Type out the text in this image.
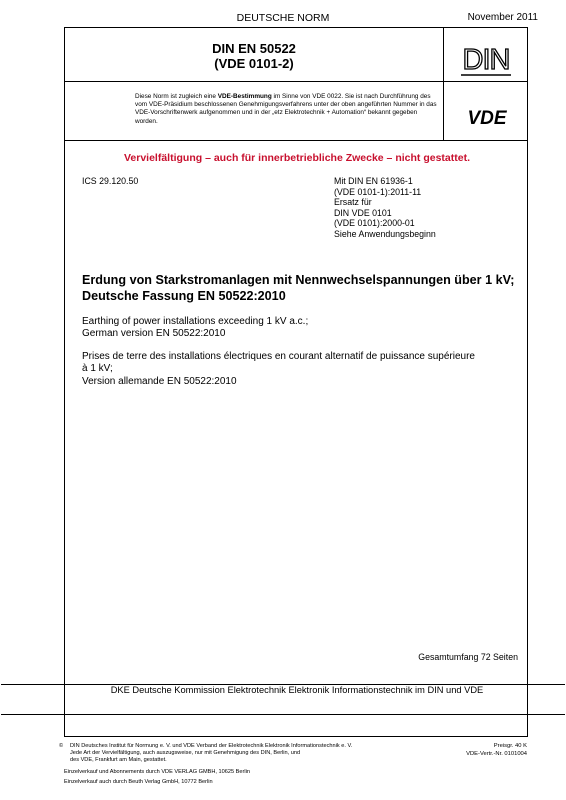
DEUTSCHE NORM	November 2011
DIN EN 50522
(VDE 0101-2)	DIN
VDE
Diese Norm ist zugleich eine VDE-Bestimmung im Sinne von VDE 0022. Sie ist nach Durchführung des vom VDE-Präsidium beschlossenen Genehmigungsverfahrens unter der oben angeführten Nummer in das VDE-Vorschriftenwerk aufgenommen und in der „etz Elektrotechnik + Automation“ bekannt gegeben worden.
Vervielfältigung – auch für innerbetriebliche Zwecke – nicht gestattet.
ICS 29.120.50	Mit DIN EN 61936-1
(VDE 0101-1):2011-11
Ersatz für
DIN VDE 0101
(VDE 0101):2000-01
Siehe Anwendungsbeginn
Erdung von Starkstromanlagen mit Nennwechselspannungen über 1 kV;
Deutsche Fassung EN 50522:2010
Earthing of power installations exceeding 1 kV a.c.;
German version EN 50522:2010
Prises de terre des installations électriques en courant alternatif de puissance supérieure
à 1 kV;
Version allemande EN 50522:2010
Gesamtumfang 72 Seiten
DKE Deutsche Kommission Elektrotechnik Elektronik Informationstechnik im DIN und VDE
©	DIN Deutsches Institut für Normung e. V. und VDE Verband der Elektrotechnik Elektronik Informationstechnik e. V.
Jede Art der Vervielfältigung, auch auszugsweise, nur mit Genehmigung des DIN, Berlin, und
des VDE, Frankfurt am Main, gestattet.
Einzelverkauf und Abonnements durch VDE VERLAG GMBH, 10625 Berlin
Einzelverkauf auch durch Beuth Verlag GmbH, 10772 Berlin
Preisgr. 40 K
VDE-Vertr.-Nr. 0101004
